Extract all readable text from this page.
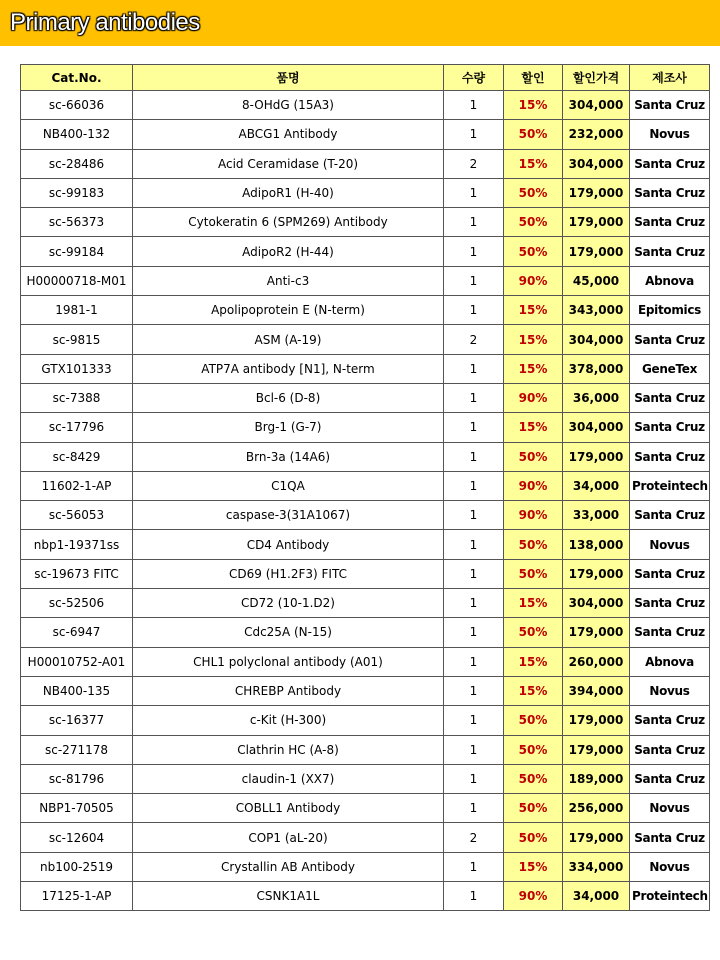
Primary antibodies
Cat.No.	품명	수량	할인	할인가격	제조사
sc-66036	8-OHdG (15A3)	1	15%	304,000	Santa Cruz
NB400-132	ABCG1 Antibody	1	50%	232,000	Novus
sc-28486	Acid Ceramidase (T-20)	2	15%	304,000	Santa Cruz
sc-99183	AdipoR1 (H-40)	1	50%	179,000	Santa Cruz
sc-56373	Cytokeratin 6 (SPM269) Antibody	1	50%	179,000	Santa Cruz
sc-99184	AdipoR2 (H-44)	1	50%	179,000	Santa Cruz
H00000718-M01	Anti-c3	1	90%	45,000	Abnova
1981-1	Apolipoprotein E (N-term)	1	15%	343,000	Epitomics
sc-9815	ASM (A-19)	2	15%	304,000	Santa Cruz
GTX101333	ATP7A antibody [N1], N-term	1	15%	378,000	GeneTex
sc-7388	Bcl-6 (D-8)	1	90%	36,000	Santa Cruz
sc-17796	Brg-1 (G-7)	1	15%	304,000	Santa Cruz
sc-8429	Brn-3a (14A6)	1	50%	179,000	Santa Cruz
11602-1-AP	C1QA	1	90%	34,000	Proteintech
sc-56053	caspase-3(31A1067)	1	90%	33,000	Santa Cruz
nbp1-19371ss	CD4 Antibody	1	50%	138,000	Novus
sc-19673 FITC	CD69 (H1.2F3) FITC	1	50%	179,000	Santa Cruz
sc-52506	CD72 (10-1.D2)	1	15%	304,000	Santa Cruz
sc-6947	Cdc25A (N-15)	1	50%	179,000	Santa Cruz
H00010752-A01	CHL1 polyclonal antibody (A01)	1	15%	260,000	Abnova
NB400-135	CHREBP Antibody	1	15%	394,000	Novus
sc-16377	c-Kit (H-300)	1	50%	179,000	Santa Cruz
sc-271178	Clathrin HC (A-8)	1	50%	179,000	Santa Cruz
sc-81796	claudin-1 (XX7)	1	50%	189,000	Santa Cruz
NBP1-70505	COBLL1 Antibody	1	50%	256,000	Novus
sc-12604	COP1 (aL-20)	2	50%	179,000	Santa Cruz
nb100-2519	Crystallin AB Antibody	1	15%	334,000	Novus
17125-1-AP	CSNK1A1L	1	90%	34,000	Proteintech
